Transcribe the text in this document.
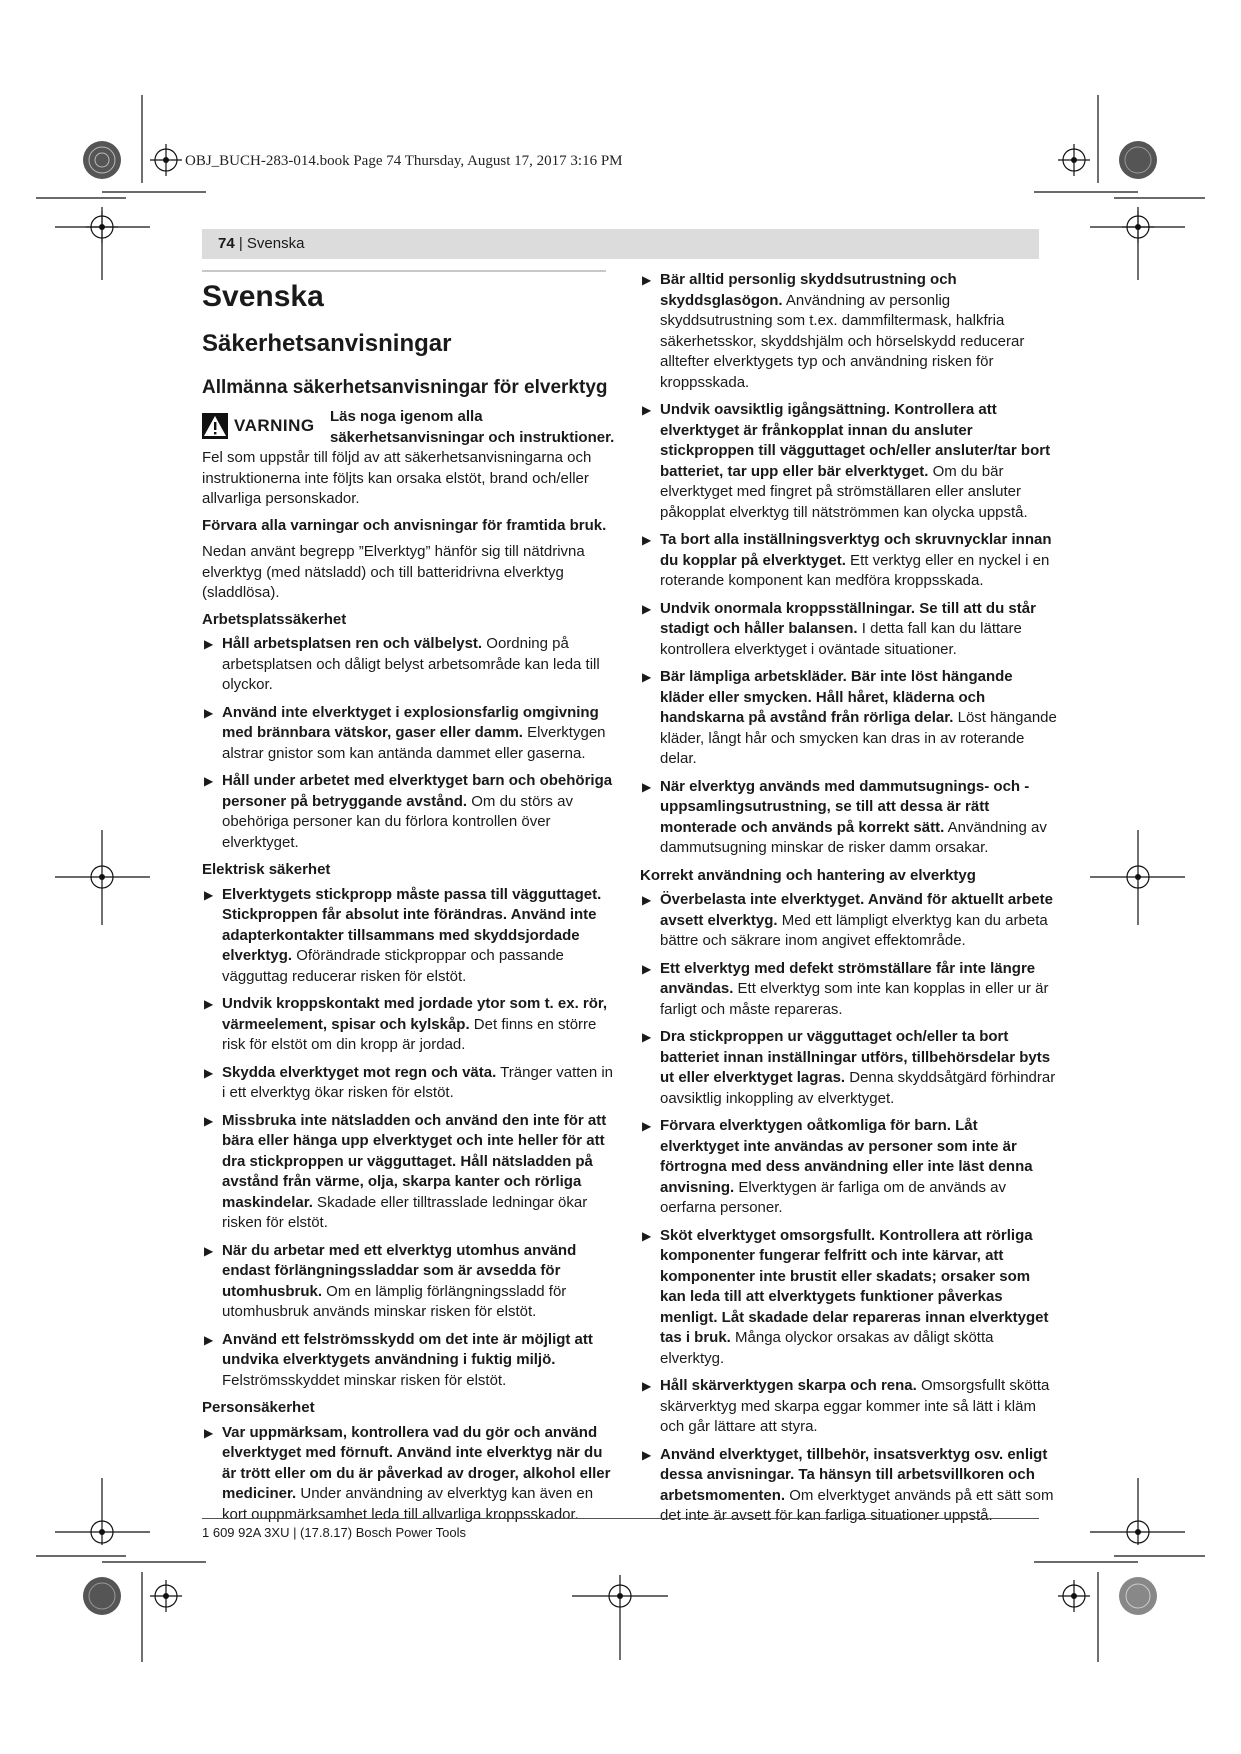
OBJ_BUCH-283-014.book Page 74 Thursday, August 17, 2017 3:16 PM
74 | Svenska
Svenska
Säkerhetsanvisningar
Allmänna säkerhetsanvisningar för elverktyg
VARNING	Läs noga igenom alla säkerhetsanvisningar och instruktioner. Fel som uppstår till följd av att säkerhetsanvisningarna och instruktionerna inte följts kan orsaka elstöt, brand och/eller allvarliga personskador.

Förvara alla varningar och anvisningar för framtida bruk.

Nedan använt begrepp ”Elverktyg” hänför sig till nätdrivna elverktyg (med nätsladd) och till batteridrivna elverktyg (sladdlösa).

Arbetsplatssäkerhet
▶ Håll arbetsplatsen ren och välbelyst. Oordning på arbetsplatsen och dåligt belyst arbetsområde kan leda till olyckor.
▶ Använd inte elverktyget i explosionsfarlig omgivning med brännbara vätskor, gaser eller damm. Elverktygen alstrar gnistor som kan antända dammet eller gaserna.
▶ Håll under arbetet med elverktyget barn och obehöriga personer på betryggande avstånd. Om du störs av obehöriga personer kan du förlora kontrollen över elverktyget.
Elektrisk säkerhet
▶ Elverktygets stickpropp måste passa till vägguttaget. Stickproppen får absolut inte förändras. Använd inte adapterkontakter tillsammans med skyddsjordade elverktyg. Oförändrade stickproppar och passande vägguttag reducerar risken för elstöt.
▶ Undvik kroppskontakt med jordade ytor som t. ex. rör, värmeelement, spisar och kylskåp. Det finns en större risk för elstöt om din kropp är jordad.
▶ Skydda elverktyget mot regn och väta. Tränger vatten in i ett elverktyg ökar risken för elstöt.
▶ Missbruka inte nätsladden och använd den inte för att bära eller hänga upp elverktyget och inte heller för att dra stickproppen ur vägguttaget. Håll nätsladden på avstånd från värme, olja, skarpa kanter och rörliga maskindelar. Skadade eller tilltrasslade ledningar ökar risken för elstöt.
▶ När du arbetar med ett elverktyg utomhus använd endast förlängningssladdar som är avsedda för utomhusbruk. Om en lämplig förlängningssladd för utomhusbruk används minskar risken för elstöt.
▶ Använd ett felströmsskydd om det inte är möjligt att undvika elverktygets användning i fuktig miljö. Felströmsskyddet minskar risken för elstöt.
Personsäkerhet
▶ Var uppmärksam, kontrollera vad du gör och använd elverktyget med förnuft. Använd inte elverktyg när du är trött eller om du är påverkad av droger, alkohol eller mediciner. Under användning av elverktyg kan även en kort ouppmärksamhet leda till allvarliga kroppsskador.
▶ Bär alltid personlig skyddsutrustning och skyddsglasögon. Användning av personlig skyddsutrustning som t.ex. dammfiltermask, halkfria säkerhetsskor, skyddshjälm och hörselskydd reducerar alltefter elverktygets typ och användning risken för kroppsskada.
▶ Undvik oavsiktlig igångsättning. Kontrollera att elverktyget är frånkopplat innan du ansluter stickproppen till vägguttaget och/eller ansluter/tar bort batteriet, tar upp eller bär elverktyget. Om du bär elverktyget med fingret på strömställaren eller ansluter påkopplat elverktyg till nätströmmen kan olycka uppstå.
▶ Ta bort alla inställningsverktyg och skruvnycklar innan du kopplar på elverktyget. Ett verktyg eller en nyckel i en roterande komponent kan medföra kroppsskada.
▶ Undvik onormala kroppsställningar. Se till att du står stadigt och håller balansen. I detta fall kan du lättare kontrollera elverktyget i oväntade situationer.
▶ Bär lämpliga arbetskläder. Bär inte löst hängande kläder eller smycken. Håll håret, kläderna och handskarna på avstånd från rörliga delar. Löst hängande kläder, långt hår och smycken kan dras in av roterande delar.
▶ När elverktyg används med dammutsugnings- och -uppsamlingsutrustning, se till att dessa är rätt monterade och används på korrekt sätt. Användning av dammutsugning minskar de risker damm orsakar.
Korrekt användning och hantering av elverktyg
▶ Överbelasta inte elverktyget. Använd för aktuellt arbete avsett elverktyg. Med ett lämpligt elverktyg kan du arbeta bättre och säkrare inom angivet effektområde.
▶ Ett elverktyg med defekt strömställare får inte längre användas. Ett elverktyg som inte kan kopplas in eller ur är farligt och måste repareras.
▶ Dra stickproppen ur vägguttaget och/eller ta bort batteriet innan inställningar utförs, tillbehörsdelar byts ut eller elverktyget lagras. Denna skyddsåtgärd förhindrar oavsiktlig inkoppling av elverktyget.
▶ Förvara elverktygen oåtkomliga för barn. Låt elverktyget inte användas av personer som inte är förtrogna med dess användning eller inte läst denna anvisning. Elverktygen är farliga om de används av oerfarna personer.
▶ Sköt elverktyget omsorgsfullt. Kontrollera att rörliga komponenter fungerar felfritt och inte kärvar, att komponenter inte brustit eller skadats; orsaker som kan leda till att elverktygets funktioner påverkas menligt. Låt skadade delar repareras innan elverktyget tas i bruk. Många olyckor orsakas av dåligt skötta elverktyg.
▶ Håll skärverktygen skarpa och rena. Omsorgsfullt skötta skärverktyg med skarpa eggar kommer inte så lätt i kläm och går lättare att styra.
▶ Använd elverktyget, tillbehör, insatsverktyg osv. enligt dessa anvisningar. Ta hänsyn till arbetsvillkoren och arbetsmomenten. Om elverktyget används på ett sätt som det inte är avsett för kan farliga situationer uppstå.
1 609 92A 3XU | (17.8.17) Bosch Power Tools
